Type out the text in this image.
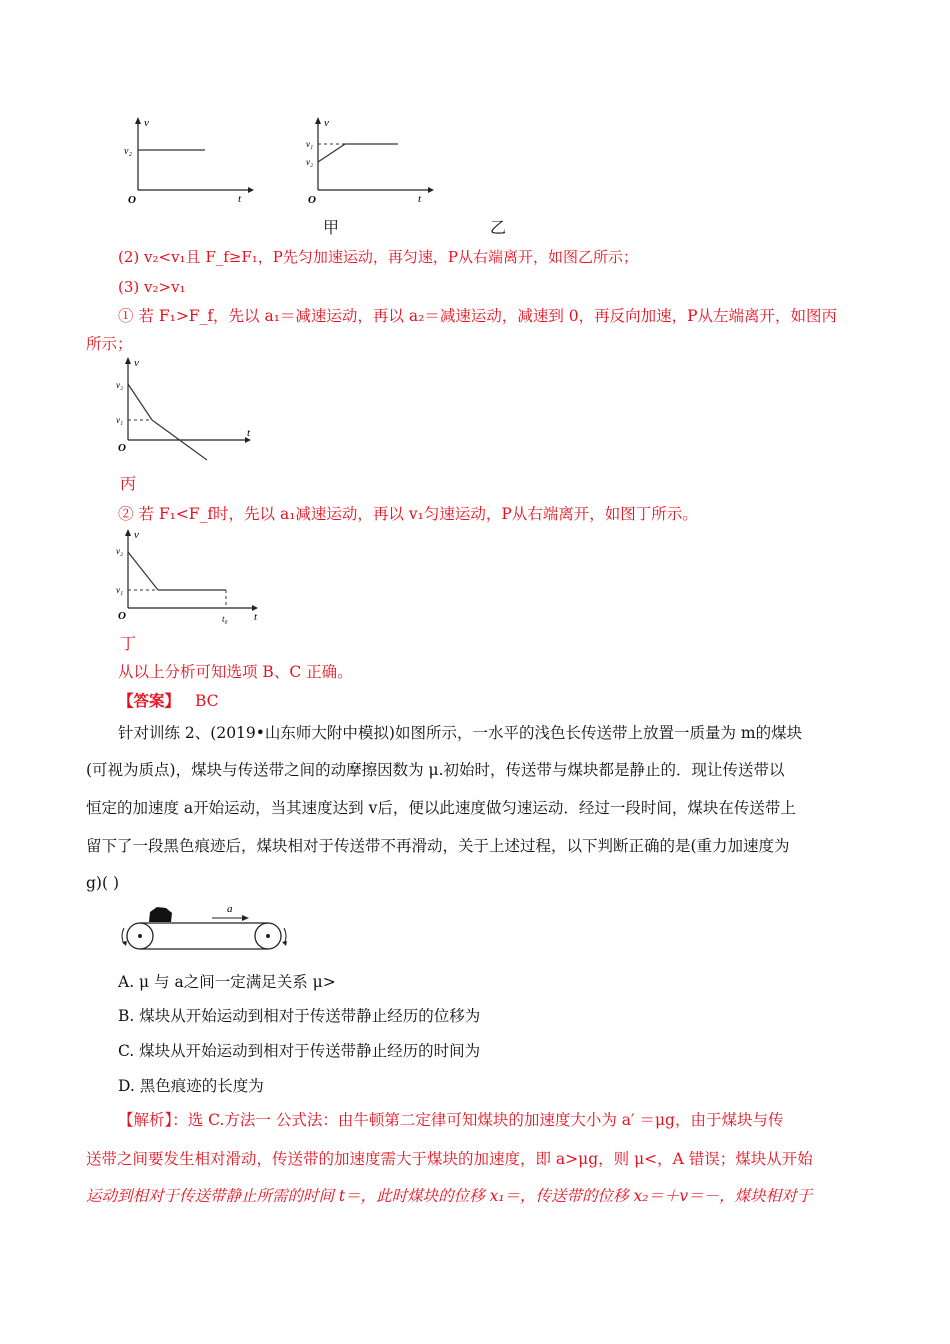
v
t
O
v₂
v
t
O
v₁
v₂
甲	乙
(2) v₂<v₁且 F_f≥F₁，P先匀加速运动，再匀速，P从右端离开，如图乙所示；
(3) v₂>v₁
① 若 F₁>F_f，先以 a₁＝减速运动，再以 a₂＝减速运动，减速到 0，再反向加速，P从左端离开，如图丙
所示；
v
t
O
v₁
v₂
丙
② 若 F₁<F_f时，先以 a₁减速运动，再以 v₁匀速运动，P从右端离开，如图丁所示。
v
t
O
v₁
v₂
t₀
丁
从以上分析可知选项 B、C 正确。
【答案】 BC
针对训练 2、(2019•山东师大附中模拟)如图所示，一水平的浅色长传送带上放置一质量为 m的煤块
(可视为质点)，煤块与传送带之间的动摩擦因数为 μ.初始时，传送带与煤块都是静止的．现让传送带以
恒定的加速度 a开始运动，当其速度达到 v后，便以此速度做匀速运动．经过一段时间，煤块在传送带上
留下了一段黑色痕迹后，煤块相对于传送带不再滑动，关于上述过程，以下判断正确的是(重力加速度为
g)( )
a
A. μ 与 a之间一定满足关系 μ>
B. 煤块从开始运动到相对于传送带静止经历的位移为
C. 煤块从开始运动到相对于传送带静止经历的时间为
D. 黑色痕迹的长度为
【解析】：选 C.方法一 公式法：由牛顿第二定律可知煤块的加速度大小为 a′ ＝μg，由于煤块与传
送带之间要发生相对滑动，传送带的加速度需大于煤块的加速度，即 a>μg，则 μ<，A 错误；煤块从开始
运动到相对于传送带静止所需的时间 t＝，此时煤块的位移 x₁＝，传送带的位移 x₂＝＋v＝－，煤块相对于
